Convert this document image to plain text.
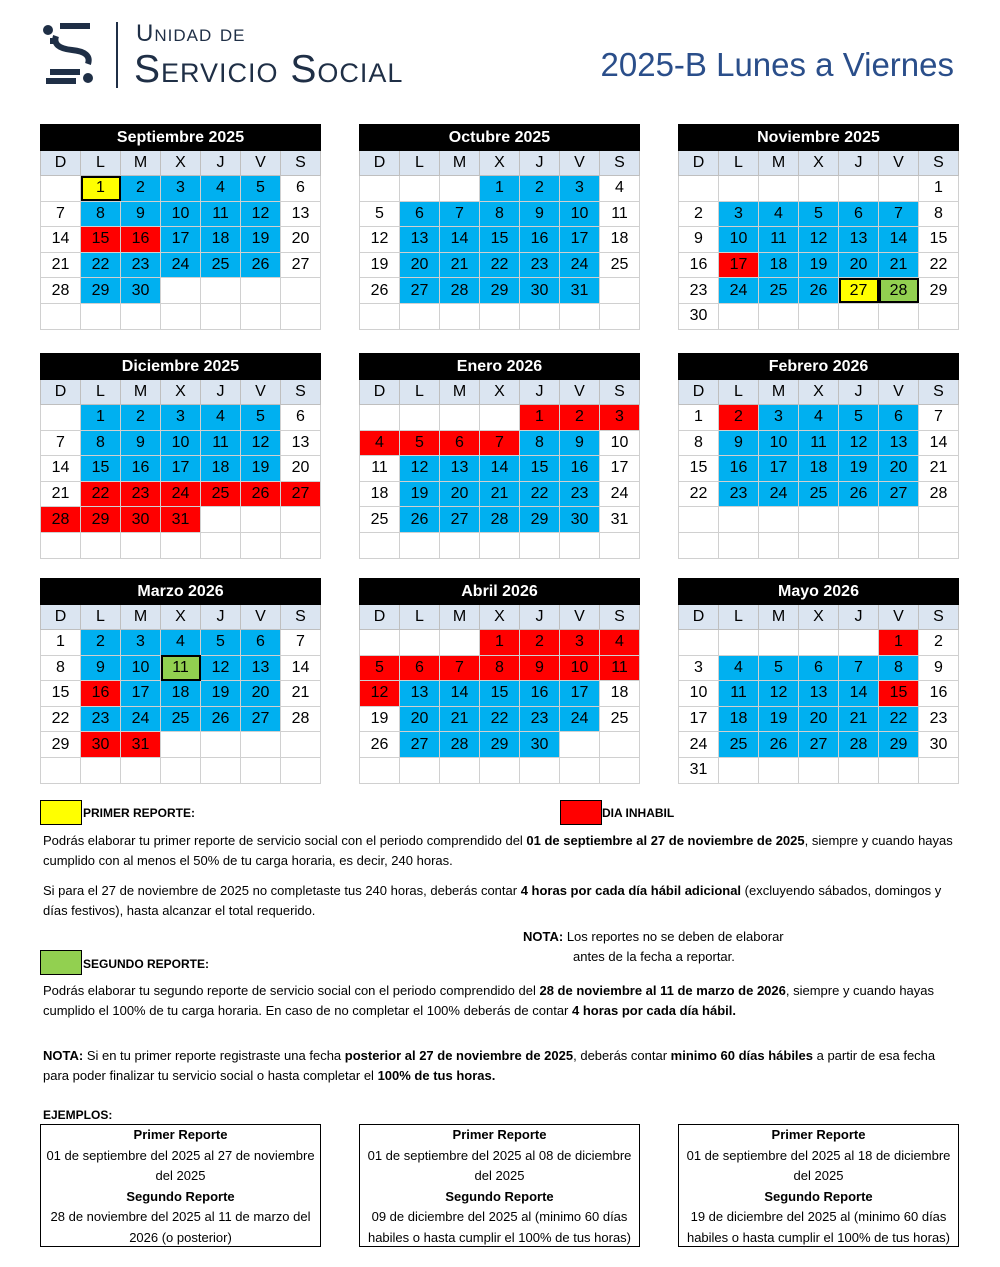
Unidad de
Servicio Social	2025-B Lunes a Viernes
Septiembre 2025						
D	L	M	X	J	V	S
	1	2	3	4	5	6
7	8	9	10	11	12	13
14	15	16	17	18	19	20
21	22	23	24	25	26	27
28	29	30				

Octubre 2025						
D	L	M	X	J	V	S
			1	2	3	4
5	6	7	8	9	10	11
12	13	14	15	16	17	18
19	20	21	22	23	24	25
26	27	28	29	30	31	

Noviembre 2025						
D	L	M	X	J	V	S
						1
2	3	4	5	6	7	8
9	10	11	12	13	14	15
16	17	18	19	20	21	22
23	24	25	26	27	28	29
30						
Diciembre 2025						
D	L	M	X	J	V	S
	1	2	3	4	5	6
7	8	9	10	11	12	13
14	15	16	17	18	19	20
21	22	23	24	25	26	27
28	29	30	31			

Enero 2026						
D	L	M	X	J	V	S
				1	2	3
4	5	6	7	8	9	10
11	12	13	14	15	16	17
18	19	20	21	22	23	24
25	26	27	28	29	30	31

Febrero 2026						
D	L	M	X	J	V	S
1	2	3	4	5	6	7
8	9	10	11	12	13	14
15	16	17	18	19	20	21
22	23	24	25	26	27	28

Marzo 2026						
D	L	M	X	J	V	S
1	2	3	4	5	6	7
8	9	10	11	12	13	14
15	16	17	18	19	20	21
22	23	24	25	26	27	28
29	30	31				

Abril 2026						
D	L	M	X	J	V	S
			1	2	3	4
5	6	7	8	9	10	11
12	13	14	15	16	17	18
19	20	21	22	23	24	25
26	27	28	29	30		

Mayo 2026						
D	L	M	X	J	V	S
					1	2
3	4	5	6	7	8	9
10	11	12	13	14	15	16
17	18	19	20	21	22	23
24	25	26	27	28	29	30
31						
PRIMER REPORTE:	DIA INHABIL
Podrás elaborar tu primer reporte de servicio social con el periodo comprendido del 01 de septiembre al 27 de noviembre de 2025, siempre y cuando hayas cumplido con al menos el 50% de tu carga horaria, es decir, 240 horas.
Si para el 27 de noviembre de 2025 no completaste tus 240 horas, deberás contar 4 horas por cada día hábil adicional (excluyendo sábados, domingos y días festivos), hasta alcanzar el total requerido.
NOTA: Los reportes no se deben de elaborar
antes de la fecha a reportar.
SEGUNDO REPORTE:
Podrás elaborar tu segundo reporte de servicio social con el periodo comprendido del 28 de noviembre al 11 de marzo de 2026, siempre y cuando hayas cumplido el 100% de tu carga horaria. En caso de no completar el 100% deberás de contar 4 horas por cada día hábil.
NOTA: Si en tu primer reporte registraste una fecha posterior al 27 de noviembre de 2025, deberás contar minimo 60 días hábiles a partir de esa fecha para poder finalizar tu servicio social o hasta completar el 100% de tus horas.
EJEMPLOS:
Primer Reporte
01 de septiembre del 2025 al 27 de noviembre del 2025
Segundo Reporte
28 de noviembre del 2025 al 11 de marzo del 2026 (o posterior)
Primer Reporte
01 de septiembre del 2025 al 08 de diciembre del 2025
Segundo Reporte
09 de diciembre del 2025 al (minimo 60 días habiles o hasta cumplir el 100% de tus horas)
Primer Reporte
01 de septiembre del 2025 al 18 de diciembre del 2025
Segundo Reporte
19 de diciembre del 2025 al (minimo 60 días habiles o hasta cumplir el 100% de tus horas)
